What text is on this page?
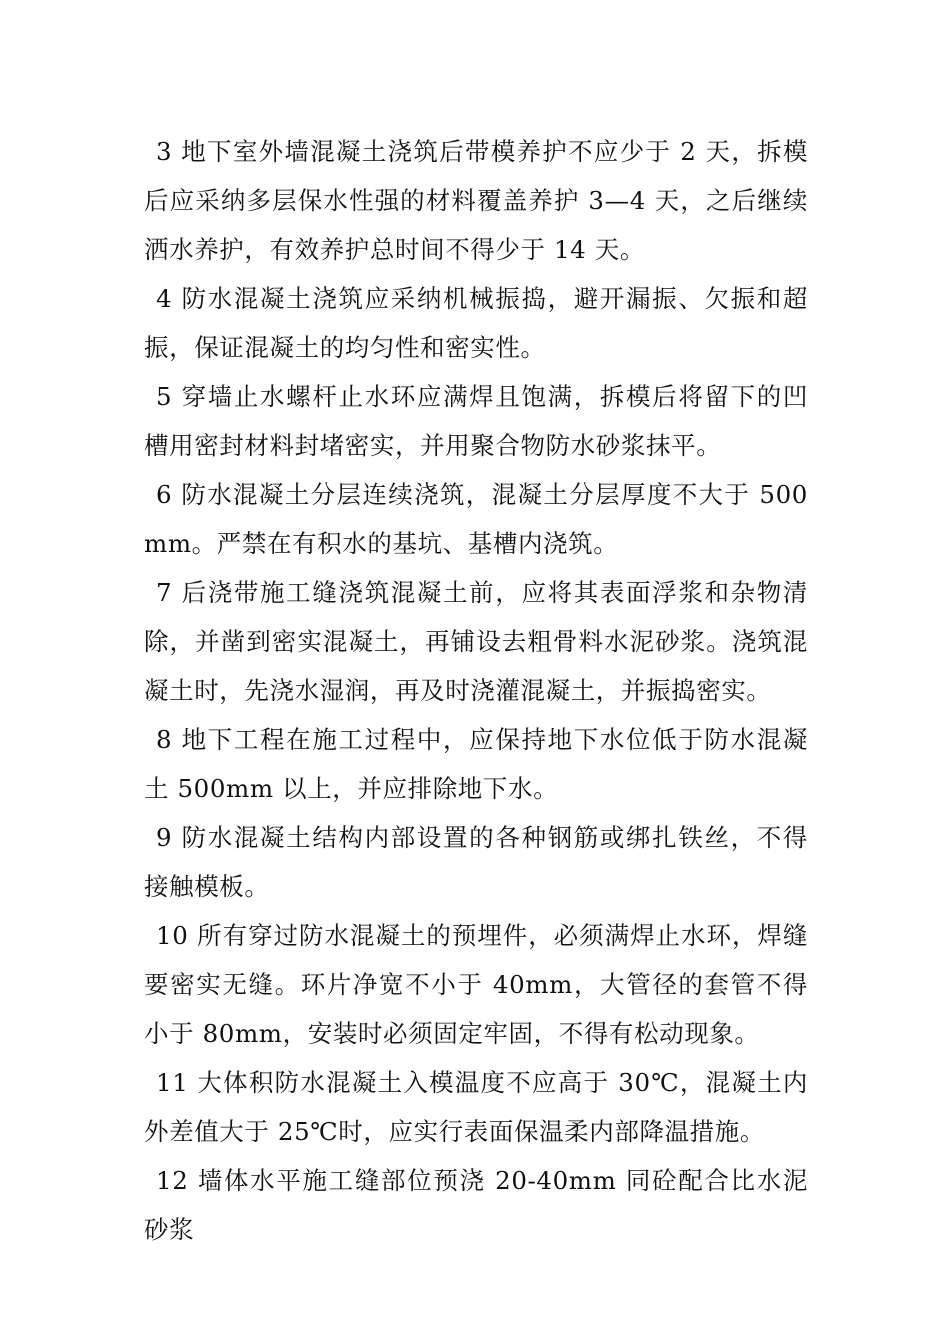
3 地下室外墙混凝土浇筑后带模养护不应少于 2 天，拆模后应采纳多层保水性强的材料覆盖养护 3—4 天，之后继续洒水养护，有效养护总时间不得少于 14 天。

4 防水混凝土浇筑应采纳机械振捣，避开漏振、欠振和超振，保证混凝土的均匀性和密实性。

5 穿墙止水螺杆止水环应满焊且饱满，拆模后将留下的凹槽用密封材料封堵密实，并用聚合物防水砂浆抹平。

6 防水混凝土分层连续浇筑，混凝土分层厚度不大于 500mm。严禁在有积水的基坑、基槽内浇筑。

7 后浇带施工缝浇筑混凝土前，应将其表面浮浆和杂物清除，并凿到密实混凝土，再铺设去粗骨料水泥砂浆。浇筑混凝土时，先浇水湿润，再及时浇灌混凝土，并振捣密实。

8 地下工程在施工过程中，应保持地下水位低于防水混凝土 500mm 以上，并应排除地下水。

9 防水混凝土结构内部设置的各种钢筋或绑扎铁丝，不得接触模板。

10 所有穿过防水混凝土的预埋件，必须满焊止水环，焊缝要密实无缝。环片净宽不小于 40mm，大管径的套管不得小于 80mm，安装时必须固定牢固，不得有松动现象。

11 大体积防水混凝土入模温度不应高于 30℃，混凝土内外差值大于 25℃时，应实行表面保温柔内部降温措施。

12 墙体水平施工缝部位预浇 20-40mm 同砼配合比水泥砂浆
